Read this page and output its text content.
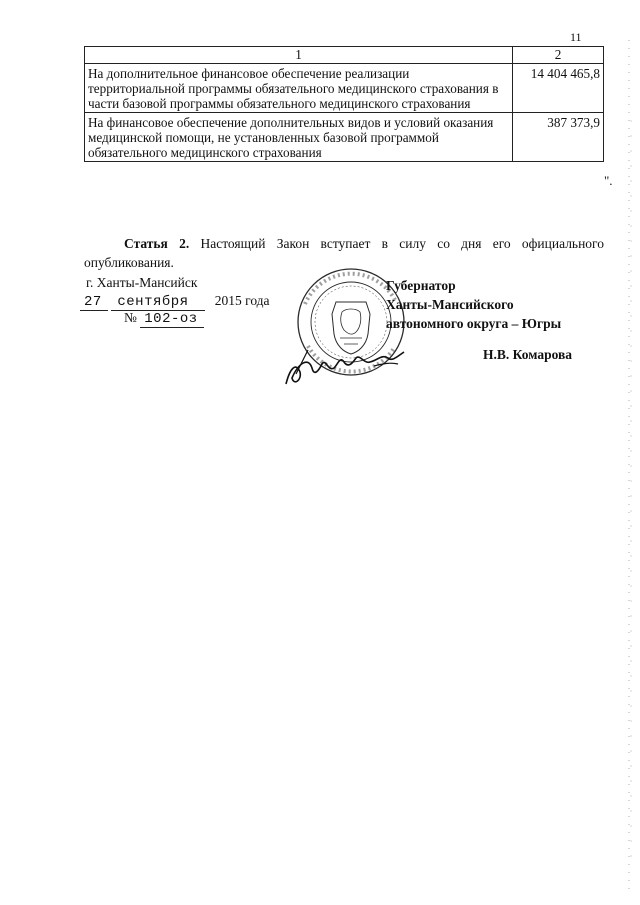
11
1	2
На дополнительное финансовое обеспечение реализации территориальной программы обязательного медицинского страхования в части базовой программы обязательного медицинского страхования	14 404 465,8
На финансовое обеспечение дополнительных видов и условий оказания медицинской помощи, не установленных базовой программой обязательного медицинского страхования	387 373,9
".
Статья 2. Настоящий Закон вступает в силу со дня его официального опубликования.
г. Ханты-Мансийск
27 сентября 2015 года
№ 102-оз
Губернатор
Ханты-Мансийского
автономного округа – Югры
Н.В. Комарова
